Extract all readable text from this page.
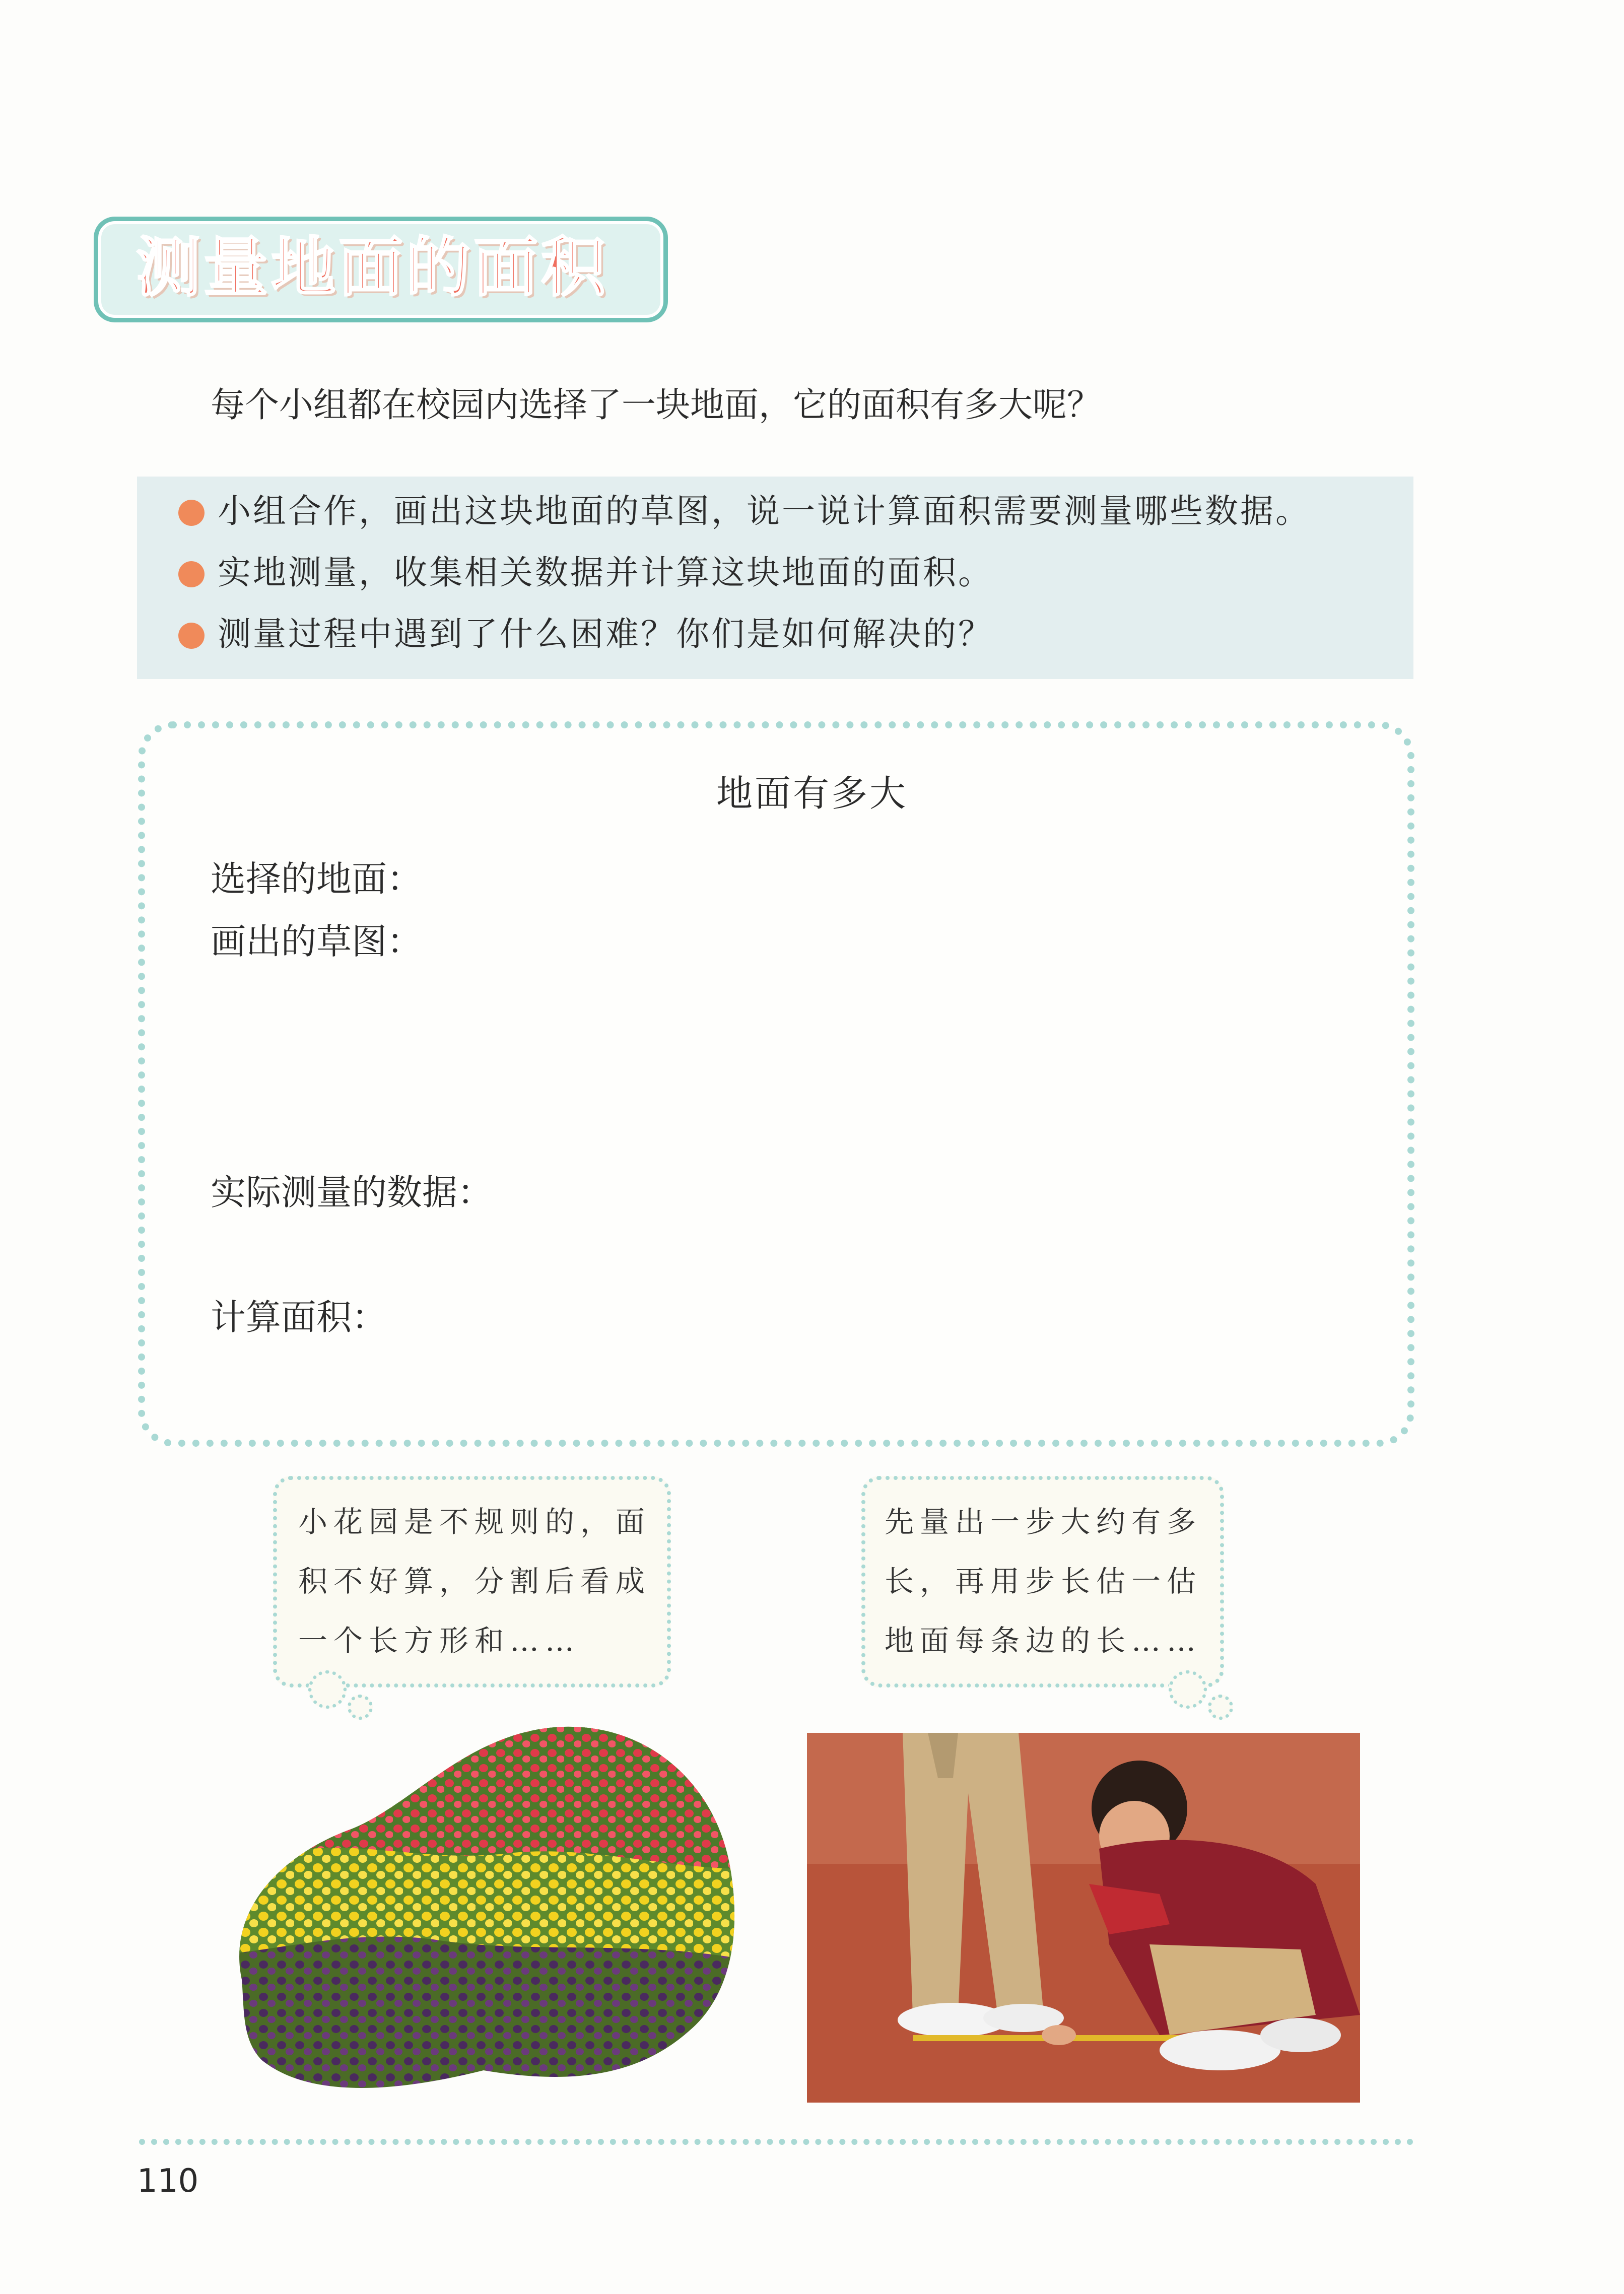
测量地面的面积
每个小组都在校园内选择了一块地面，它的面积有多大呢？
小组合作，画出这块地面的草图，说一说计算面积需要测量哪些数据。
实地测量，收集相关数据并计算这块地面的面积。
测量过程中遇到了什么困难？你们是如何解决的？
地面有多大
选择的地面：
画出的草图：
实际测量的数据：
计算面积：
小花园是不规则的，面
积不好算，分割后看成
一个长方形和……
先量出一步大约有多
长，再用步长估一估
地面每条边的长……
110
